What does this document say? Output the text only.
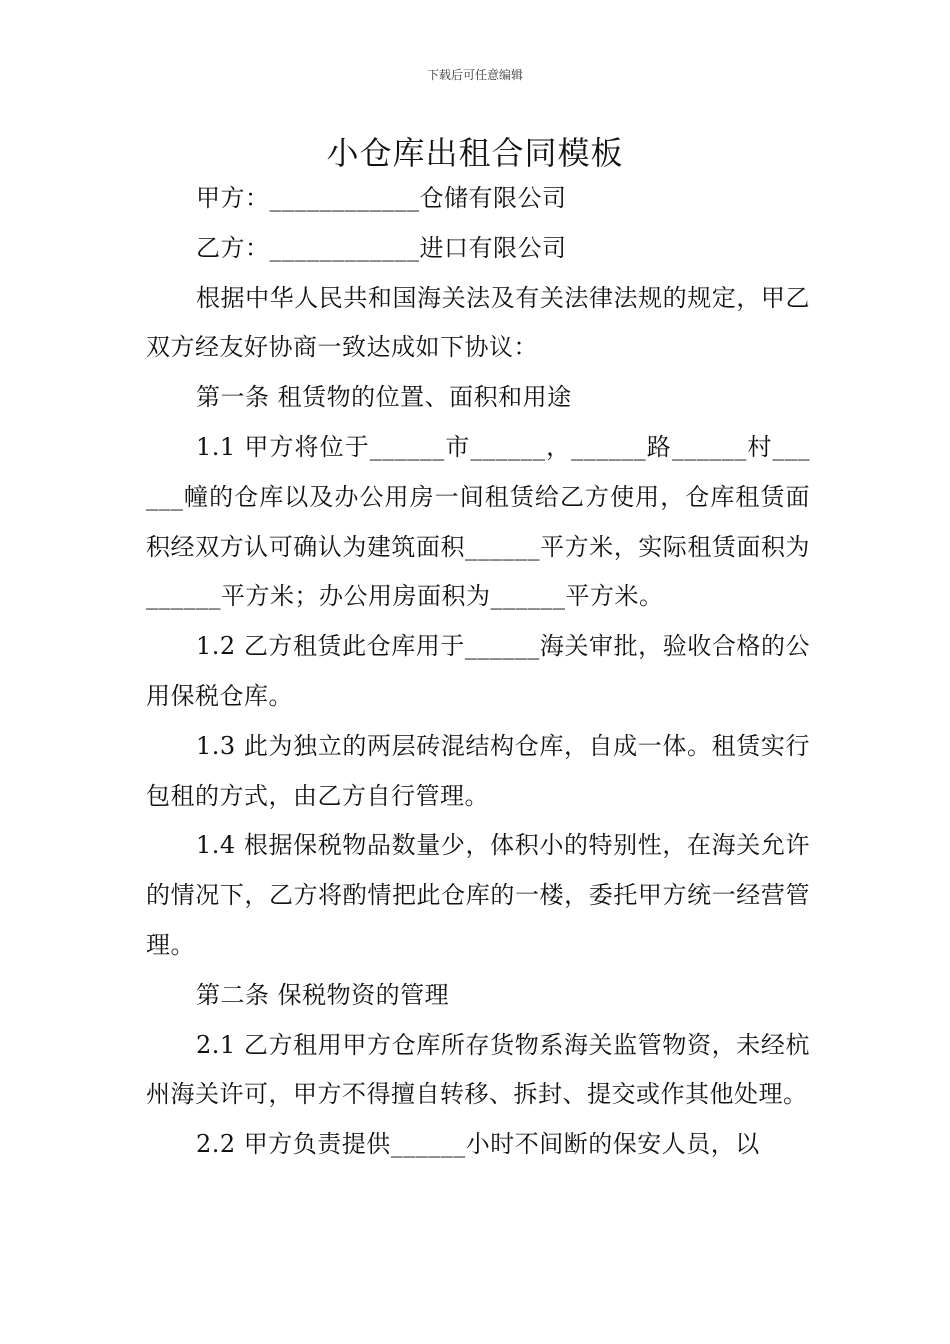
下载后可任意编辑
小仓库出租合同模板

甲方：____________仓储有限公司

乙方：____________进口有限公司

根据中华人民共和国海关法及有关法律法规的规定，甲乙双方经友好协商一致达成如下协议：

第一条 租赁物的位置、面积和用途

1.1 甲方将位于______市______，______路______村______幢的仓库以及办公用房一间租赁给乙方使用，仓库租赁面积经双方认可确认为建筑面积______平方米，实际租赁面积为______平方米；办公用房面积为______平方米。

1.2 乙方租赁此仓库用于______海关审批，验收合格的公用保税仓库。

1.3 此为独立的两层砖混结构仓库，自成一体。租赁实行包租的方式，由乙方自行管理。

1.4 根据保税物品数量少，体积小的特别性，在海关允许的情况下，乙方将酌情把此仓库的一楼，委托甲方统一经营管理。

第二条 保税物资的管理

2.1 乙方租用甲方仓库所存货物系海关监管物资，未经杭州海关许可，甲方不得擅自转移、拆封、提交或作其他处理。

2.2 甲方负责提供______小时不间断的保安人员，以
